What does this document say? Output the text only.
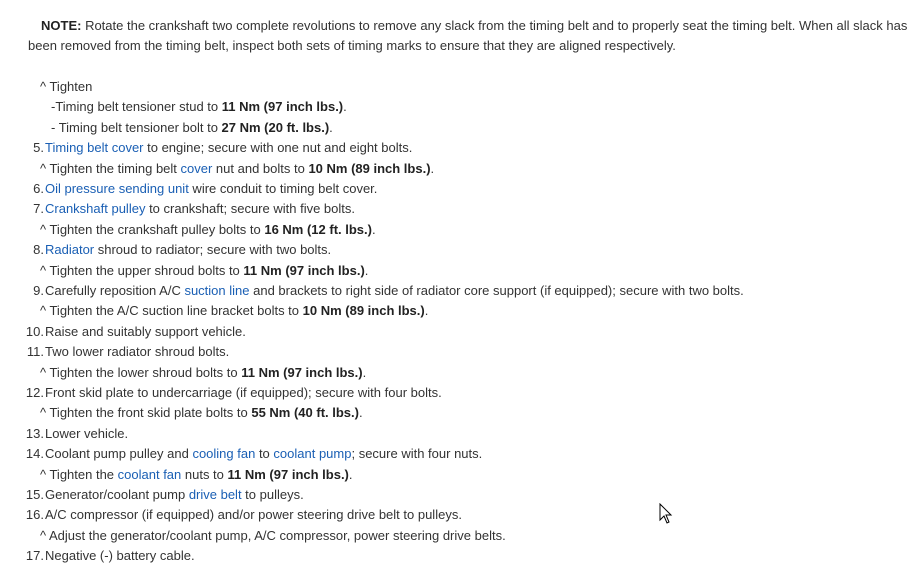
NOTE: Rotate the crankshaft two complete revolutions to remove any slack from the timing belt and to properly seat the timing belt. When all slack has been removed from the timing belt, inspect both sets of timing marks to ensure that they are aligned respectively.

^ Tighten
-Timing belt tensioner stud to 11 Nm (97 inch lbs.).
- Timing belt tensioner bolt to 27 Nm (20 ft. lbs.).
5. Timing belt cover to engine; secure with one nut and eight bolts.
^ Tighten the timing belt cover nut and bolts to 10 Nm (89 inch lbs.).
6. Oil pressure sending unit wire conduit to timing belt cover.
7. Crankshaft pulley to crankshaft; secure with five bolts.
^ Tighten the crankshaft pulley bolts to 16 Nm (12 ft. lbs.).
8. Radiator shroud to radiator; secure with two bolts.
^ Tighten the upper shroud bolts to 11 Nm (97 inch lbs.).
9. Carefully reposition A/C suction line and brackets to right side of radiator core support (if equipped); secure with two bolts.
^ Tighten the A/C suction line bracket bolts to 10 Nm (89 inch lbs.).
10. Raise and suitably support vehicle.
11. Two lower radiator shroud bolts.
^ Tighten the lower shroud bolts to 11 Nm (97 inch lbs.).
12. Front skid plate to undercarriage (if equipped); secure with four bolts.
^ Tighten the front skid plate bolts to 55 Nm (40 ft. lbs.).
13. Lower vehicle.
14. Coolant pump pulley and cooling fan to coolant pump; secure with four nuts.
^ Tighten the coolant fan nuts to 11 Nm (97 inch lbs.).
15. Generator/coolant pump drive belt to pulleys.
16. A/C compressor (if equipped) and/or power steering drive belt to pulleys.
^ Adjust the generator/coolant pump, A/C compressor, power steering drive belts.
17. Negative (-) battery cable.
